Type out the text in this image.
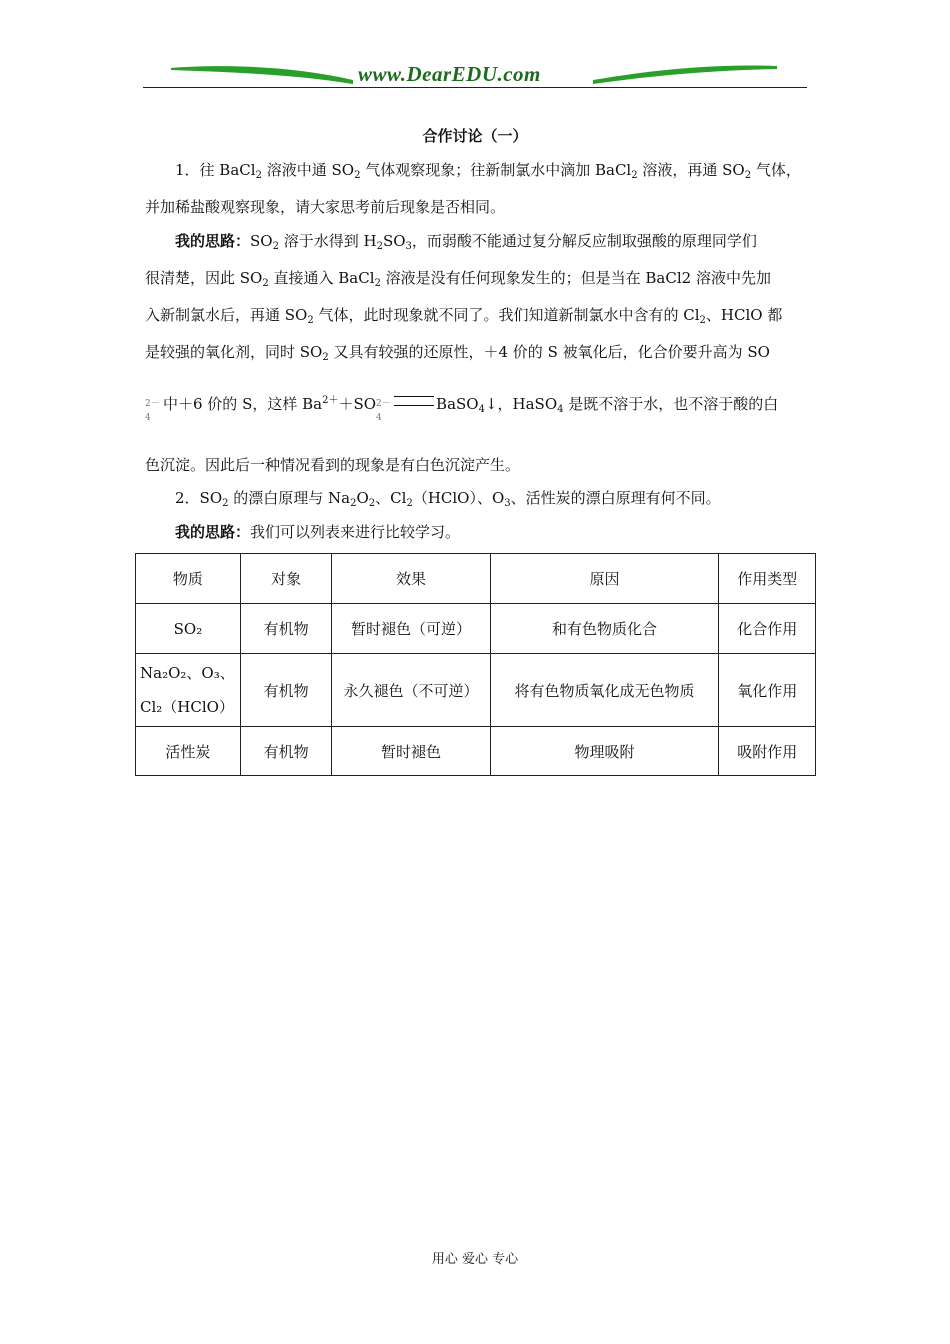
www.DearEDU.com
合作讨论（一）
1．往 BaCl$_2$ 溶液中通 $SO_2$ 气体观察现象；往新制氯水中滴加 BaCl$_2$ 溶液，再通 $SO_2$ 气体，
并加稀盐酸观察现象，请大家思考前后现象是否相同。
我的思路：$SO_2$ 溶于水得到 $H_2SO_3$，而弱酸不能通过复分解反应制取强酸的原理同学们
很清楚，因此 $SO_2$ 直接通入 BaCl$_2$ 溶液是没有任何现象发生的；但是当在 BaCl2 溶液中先加
入新制氯水后，再通 $SO_2$ 气体，此时现象就不同了。我们知道新制氯水中含有的 $Cl_2$、HClO 都
是较强的氧化剂，同时 $SO_2$ 又具有较强的还原性，＋4 价的 S 被氧化后，化合价要升高为 SO
2－
4
中＋6 价的 S，这样 $Ba^{2+}+SO$ 2－
4
BaSO$_4$↓，HaSO$_4$ 是既不溶于水，也不溶于酸的白
色沉淀。因此后一种情况看到的现象是有白色沉淀产生。
2．$SO_2$ 的漂白原理与 $Na_2O_2$、$Cl_2(HClO)$、$O_3$、活性炭的漂白原理有何不同。
我的思路：我们可以列表来进行比较学习。
物质	对象	效果	原因	作用类型
SO₂	有机物	暂时褪色（可逆）	和有色物质化合	化合作用

Na₂O₂、O₃、
Cl₂（HClO）	有机物	永久褪色（不可逆）	将有色物质氧化成无色物质	氧化作用
活性炭	有机物	暂时褪色	物理吸附	吸附作用
用心 爱心 专心
